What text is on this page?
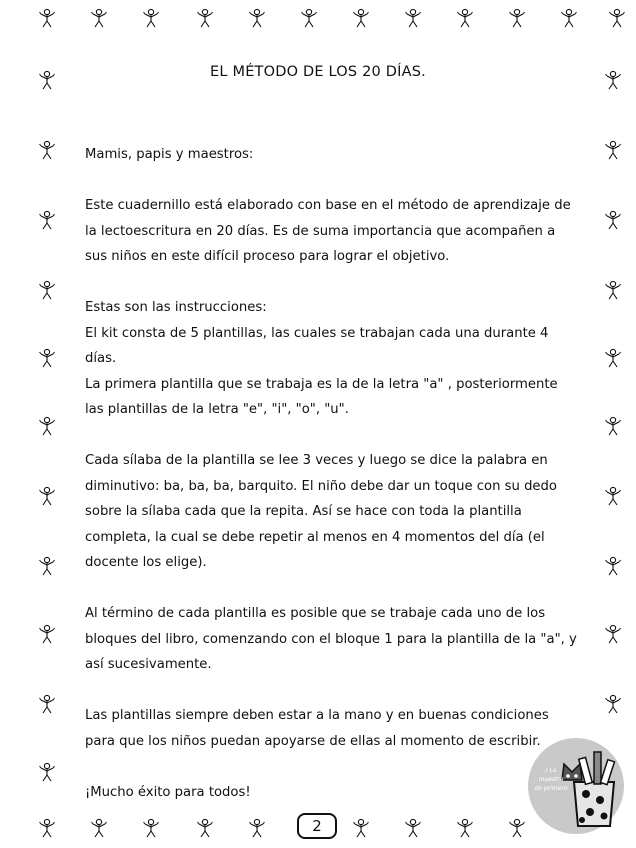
EL MÉTODO DE LOS 20 DÍAS.

Mamis, papis y maestros:

Este cuadernillo está elaborado con base en el método de aprendizaje de
la lectoescritura en 20 días. Es de suma importancia que acompañen a
sus niños en este difícil proceso para lograr el objetivo.

Estas son las instrucciones:
El kit consta de 5 plantillas, las cuales se trabajan cada una durante 4
días.
La primera plantilla que se trabaja es la de la letra "a" , posteriormente
las plantillas de la letra "e", "i", "o", "u".

Cada sílaba de la plantilla se lee 3 veces y luego se dice la palabra en
diminutivo: ba, ba, ba, barquito. El niño debe dar un toque con su dedo
sobre la sílaba cada que la repita. Así se hace con toda la plantilla
completa, la cual se debe repetir al menos en 4 momentos del día (el
docente los elige).

Al término de cada plantilla es posible que se trabaje cada uno de los
bloques del libro, comenzando con el bloque 1 para la plantilla de la "a", y
así sucesivamente.

Las plantillas siempre deben estar a la mano y en buenas condiciones
para que los niños puedan apoyarse de ellas al momento de escribir.

¡Mucho éxito para todos!

2
/ La maestra de primero
